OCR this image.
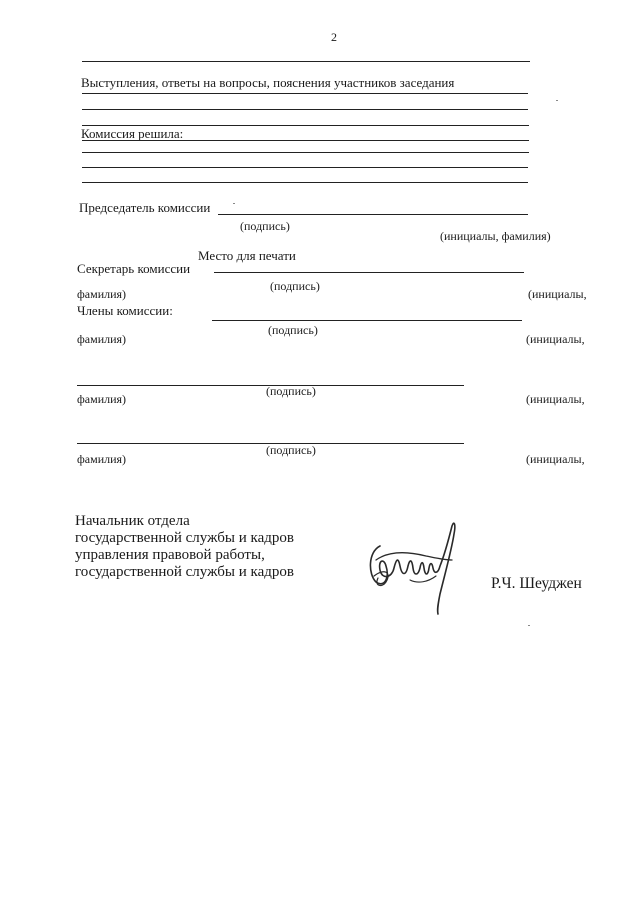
2
Выступления, ответы на вопросы, пояснения участников заседания
Комиссия решила:
Председатель комиссии
(подпись)
(инициалы, фамилия)
Место для печати
Секретарь комиссии
(подпись)
фамилия)	(инициалы,
Члены комиссии:
(подпись)
фамилия)	(инициалы,
(подпись)
фамилия)	(инициалы,
(подпись)
фамилия)	(инициалы,
Начальник отдела
государственной службы и кадров
управления правовой работы,
государственной службы и кадров
Р.Ч. Шеуджен
